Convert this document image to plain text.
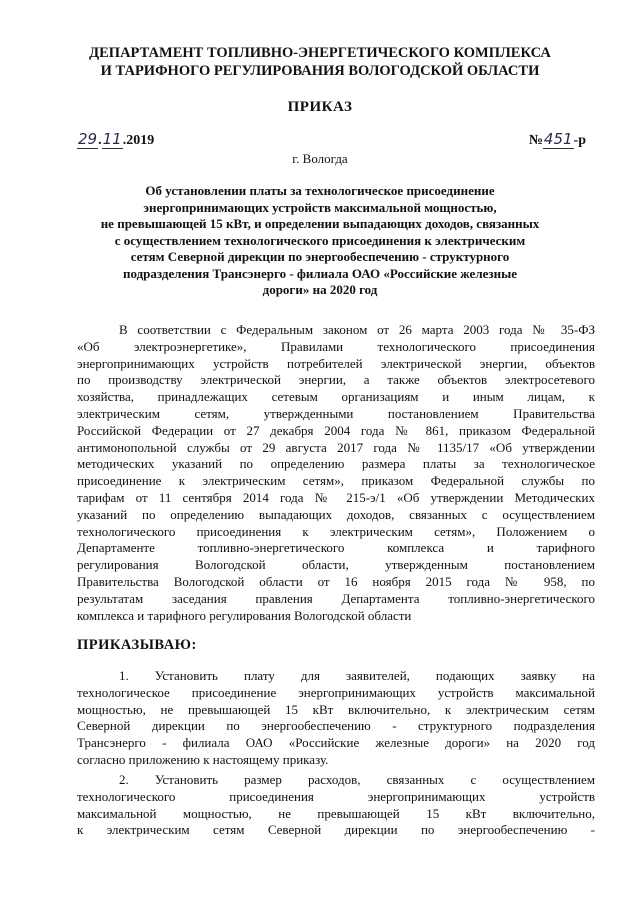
ДЕПАРТАМЕНТ ТОПЛИВНО-ЭНЕРГЕТИЧЕСКОГО КОМПЛЕКСА
И ТАРИФНОГО РЕГУЛИРОВАНИЯ ВОЛОГОДСКОЙ ОБЛАСТИ
ПРИКАЗ
29.11.2019	№451-р
г. Вологда
Об установлении платы за технологическое присоединение
энергопринимающих устройств максимальной мощностью,
не превышающей 15 кВт, и определении выпадающих доходов, связанных
с осуществлением технологического присоединения к электрическим
сетям Северной дирекции по энергообеспечению - структурного
подразделения Трансэнерго - филиала ОАО «Российские железные
дороги» на 2020 год
В соответствии с Федеральным законом от 26 марта 2003 года № 35-ФЗ
«Об электроэнергетике», Правилами технологического присоединения
энергопринимающих устройств потребителей электрической энергии, объектов
по производству электрической энергии, а также объектов электросетевого
хозяйства, принадлежащих сетевым организациям и иным лицам, к
электрическим сетям, утвержденными постановлением Правительства
Российской Федерации от 27 декабря 2004 года № 861, приказом Федеральной
антимонопольной службы от 29 августа 2017 года № 1135/17 «Об утверждении
методических указаний по определению размера платы за технологическое
присоединение к электрическим сетям», приказом Федеральной службы по
тарифам от 11 сентября 2014 года № 215-э/1 «Об утверждении Методических
указаний по определению выпадающих доходов, связанных с осуществлением
технологического присоединения к электрическим сетям», Положением о
Департаменте топливно-энергетического комплекса и тарифного
регулирования Вологодской области, утвержденным постановлением
Правительства Вологодской области от 16 ноября 2015 года № 958, по
результатам заседания правления Департамента топливно-энергетического
комплекса и тарифного регулирования Вологодской области
ПРИКАЗЫВАЮ:
1. Установить плату для заявителей, подающих заявку на
технологическое присоединение энергопринимающих устройств максимальной
мощностью, не превышающей 15 кВт включительно, к электрическим сетям
Северной дирекции по энергообеспечению - структурного подразделения
Трансэнерго - филиала ОАО «Российские железные дороги» на 2020 год
согласно приложению к настоящему приказу.
2. Установить размер расходов, связанных с осуществлением
технологического присоединения энергопринимающих устройств
максимальной мощностью, не превышающей 15 кВт включительно,
к электрическим сетям Северной дирекции по энергообеспечению -
